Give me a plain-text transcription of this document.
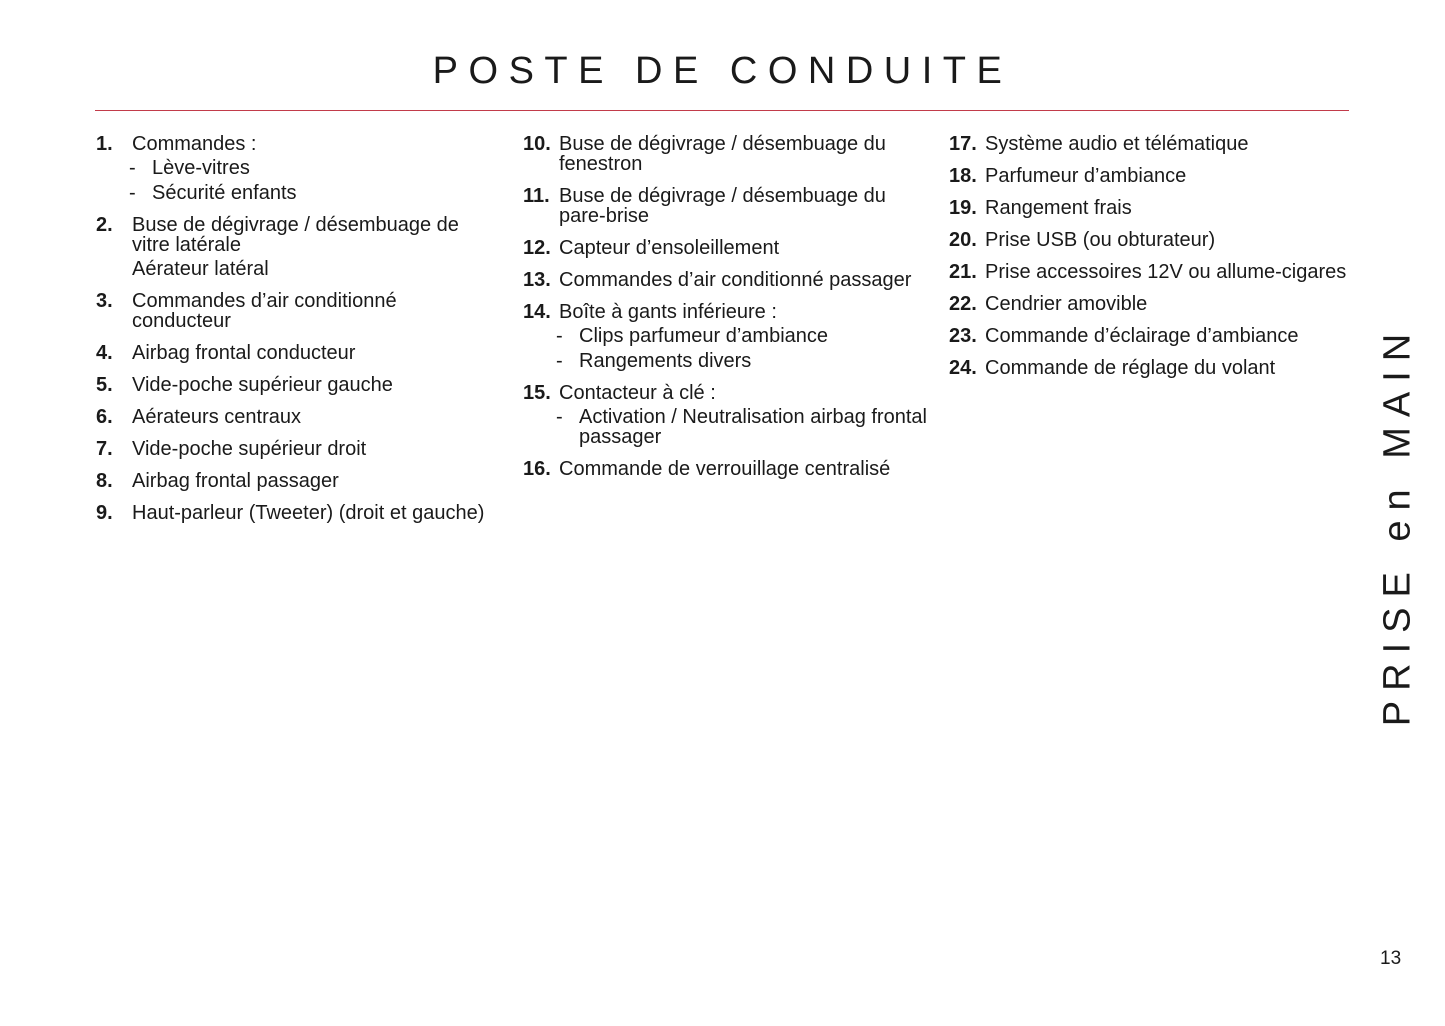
POSTE DE CONDUITE
1. Commandes :
- Lève-vitres
- Sécurité enfants
2. Buse de dégivrage / désembuage de vitre latérale
Aérateur latéral
3. Commandes d’air conditionné conducteur
4. Airbag frontal conducteur
5. Vide-poche supérieur gauche
6. Aérateurs centraux
7. Vide-poche supérieur droit
8. Airbag frontal passager
9. Haut-parleur (Tweeter) (droit et gauche)
10. Buse de dégivrage / désembuage du fenestron
11. Buse de dégivrage / désembuage du pare-brise
12. Capteur d’ensoleillement
13. Commandes d’air conditionné passager
14. Boîte à gants inférieure :
- Clips parfumeur d’ambiance
- Rangements divers
15. Contacteur à clé :
- Activation / Neutralisation airbag frontal passager
16. Commande de verrouillage centralisé
17. Système audio et télématique
18. Parfumeur d’ambiance
19. Rangement frais
20. Prise USB (ou obturateur)
21. Prise accessoires 12V ou allume-cigares
22. Cendrier amovible
23. Commande d’éclairage d’ambiance
24. Commande de réglage du volant	PRISE en MAIN
13
